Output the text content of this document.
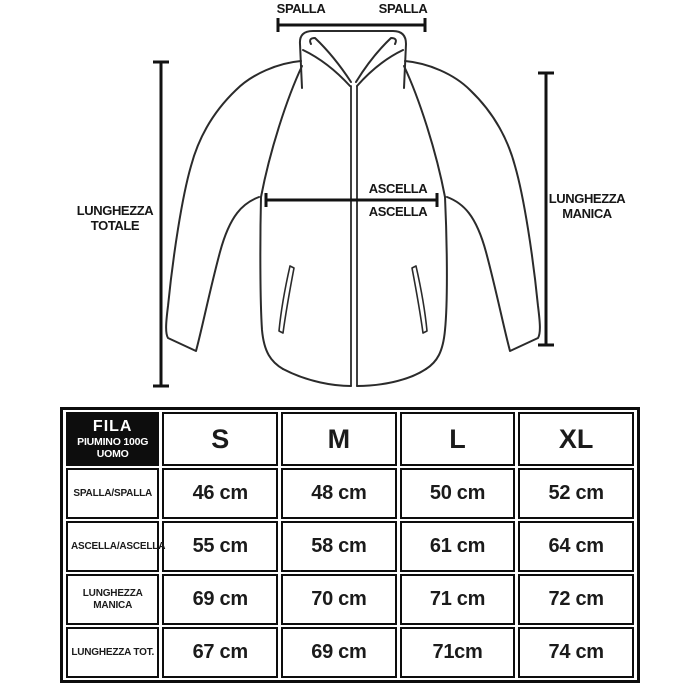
SPALLA	SPALLA
LUNGHEZZA
TOTALE
ASCELLA
ASCELLA
LUNGHEZZA
MANICA
FILA
PIUMINO 100G
UOMO	S	M	L	XL
SPALLA/SPALLA	46 cm	48 cm	50 cm	52 cm
ASCELLA/ASCELLA	55 cm	58 cm	61 cm	64 cm
LUNGHEZZA MANICA	69 cm	70 cm	71 cm	72 cm
LUNGHEZZA TOT.	67 cm	69 cm	71cm	74 cm
